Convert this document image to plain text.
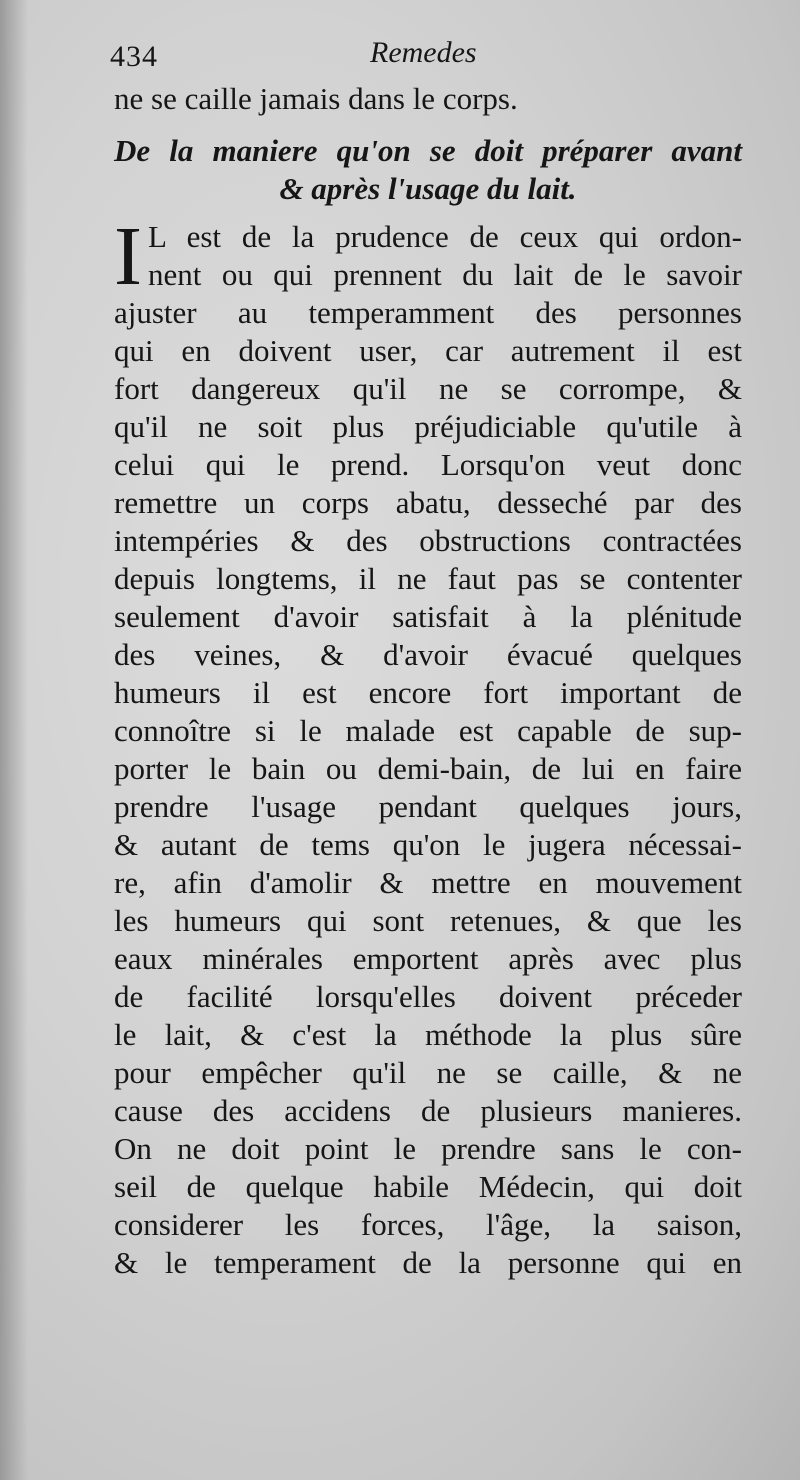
434	Remedes
ne se caille jamais dans le corps.
De la maniere qu'on se doit préparer avant
& après l'usage du lait.
I L est de la prudence de ceux qui ordon-
nent ou qui prennent du lait de le savoir
ajuster au temperamment des personnes
qui en doivent user, car autrement il est
fort dangereux qu'il ne se corrompe, &
qu'il ne soit plus préjudiciable qu'utile à
celui qui le prend. Lorsqu'on veut donc
remettre un corps abatu, desseché par des
intempéries & des obstructions contractées
depuis longtems, il ne faut pas se contenter
seulement d'avoir satisfait à la plénitude
des veines, & d'avoir évacué quelques
humeurs il est encore fort important de
connoître si le malade est capable de sup-
porter le bain ou demi-bain, de lui en faire
prendre l'usage pendant quelques jours,
& autant de tems qu'on le jugera nécessai-
re, afin d'amolir & mettre en mouvement
les humeurs qui sont retenues, & que les
eaux minérales emportent après avec plus
de facilité lorsqu'elles doivent préceder
le lait, & c'est la méthode la plus sûre
pour empêcher qu'il ne se caille, & ne
cause des accidens de plusieurs manieres.
On ne doit point le prendre sans le con-
seil de quelque habile Médecin, qui doit
considerer les forces, l'âge, la saison,
& le temperament de la personne qui en
